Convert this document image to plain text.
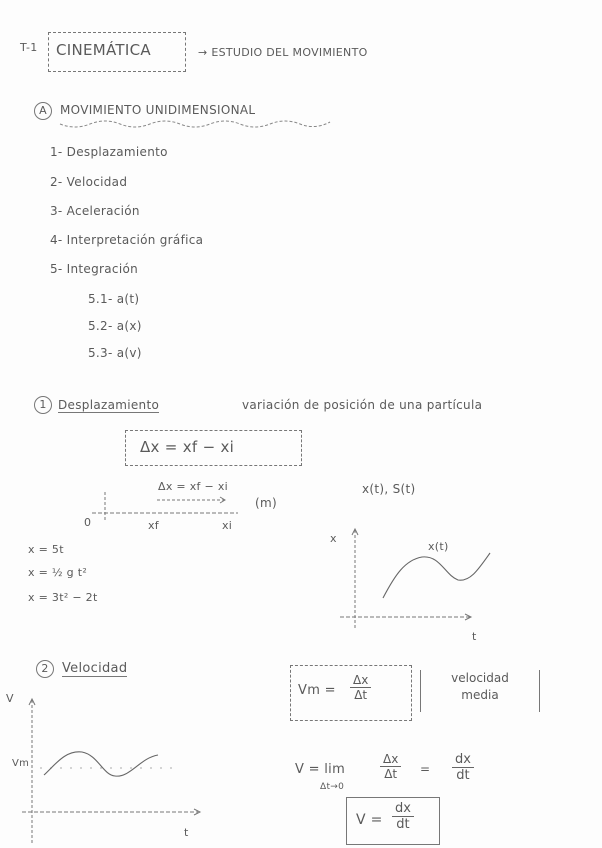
T-1 CINEMÁTICA	→ ESTUDIO DEL MOVIMIENTO
A	MOVIMIENTO UNIDIMENSIONAL
1- Desplazamiento
2- Velocidad
3- Aceleración
4- Interpretación gráfica
5- Integración
5.1- a(t)
5.2- a(x)
5.3- a(v)
1 Desplazamiento	variación de posición de una partícula
Δx = xf − xi
Δx = xf − xi
(m)
0	xf	xi
x(t), S(t)
x = 5t
x = ½ g t²
x = 3t² − 2t
x
t
x(t)
2	Velocidad
$Vm = \frac{\Delta x}{\Delta t}$	velocidad
media
V = lim
Δt→0
$\frac{\Delta x}{\Delta t} = \frac{dx}{dt}$
$V = \frac{dx}{dt}$
V
Vm
t
